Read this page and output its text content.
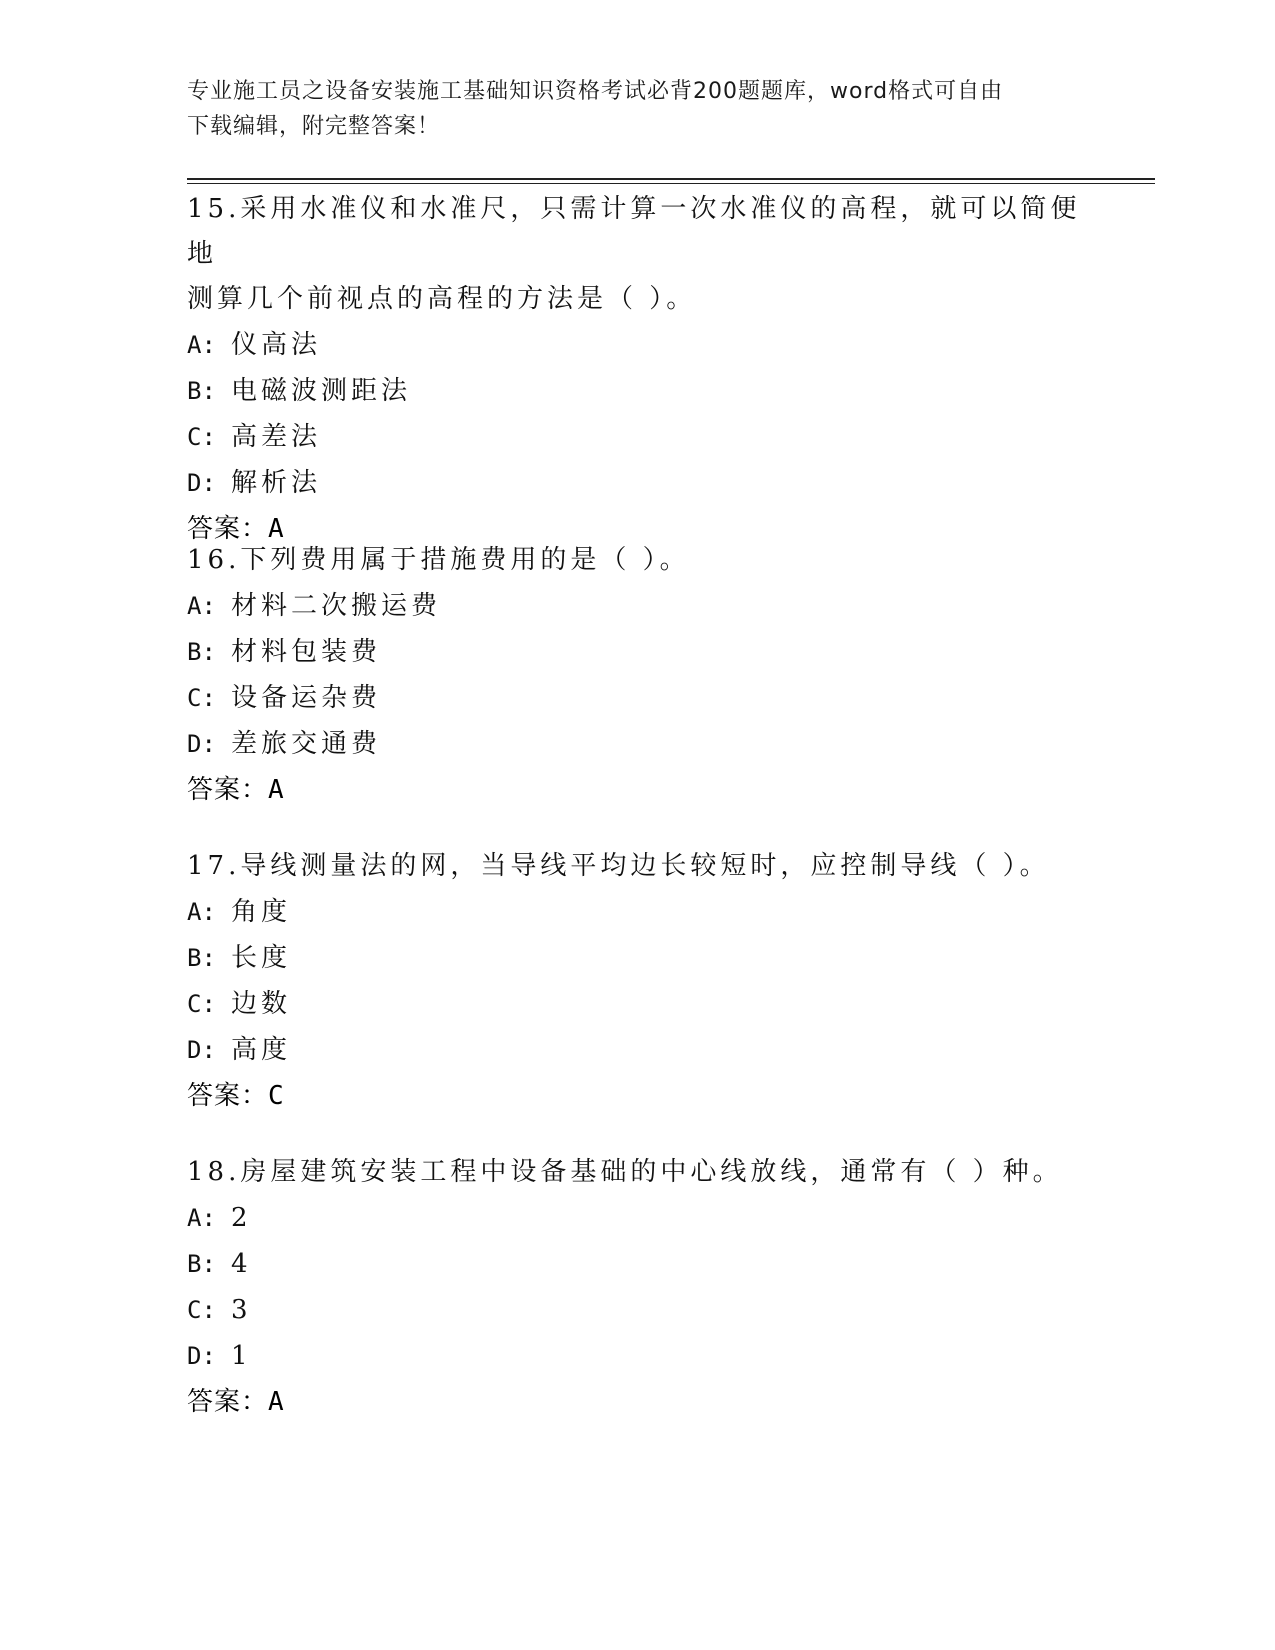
专业施工员之设备安装施工基础知识资格考试必背200题题库，word格式可自由
下载编辑，附完整答案！
15.采用水准仪和水准尺，只需计算一次水准仪的高程，就可以简便地
测算几个前视点的高程的方法是（ ）。
A: 仪高法
B: 电磁波测距法
C: 高差法
D: 解析法
答案：A
16.下列费用属于措施费用的是（ ）。
A: 材料二次搬运费
B: 材料包装费
C: 设备运杂费
D: 差旅交通费
答案：A
17.导线测量法的网，当导线平均边长较短时，应控制导线（ ）。
A: 角度
B: 长度
C: 边数
D: 高度
答案：C
18.房屋建筑安装工程中设备基础的中心线放线，通常有（ ）种。
A: 2
B: 4
C: 3
D: 1
答案：A
